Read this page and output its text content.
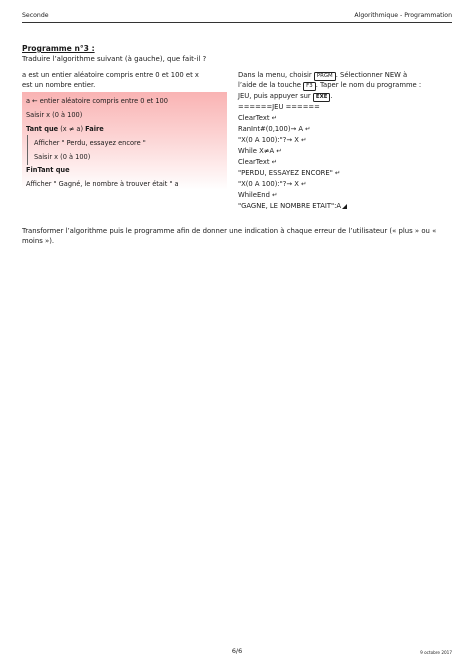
Seconde	Algorithmique - Programmation
Programme n°3 :
Traduire l’algorithme suivant (à gauche), que fait-il ?
a est un entier aléatoire compris entre 0 et 100 et x
est un nombre entier.
a ← entier aléatoire compris entre 0 et 100
Saisir x (0 à 100)
Tant que (x ≠ a) Faire
Afficher " Perdu, essayez encore "
Saisir x (0 à 100)
FinTant que
Afficher " Gagné, le nombre à trouver était " a
Dans la menu, choisir PRGM . Sélectionner NEW à
l’aide de la touche F3 . Taper le nom du programme :
JEU, puis appuyer sur EXE .
======JEU ======
ClearText ↵
RanInt#(0,100)→ A ↵
"X(0 A 100):"?→ X ↵
While X≠A ↵
ClearText ↵
"PERDU, ESSAYEZ ENCORE" ↵
"X(0 A 100):"?→ X ↵
WhileEnd ↵
"GAGNE, LE NOMBRE ETAIT":A
Transformer l’algorithme puis le programme afin de donner une indication à chaque erreur de l’utilisateur (« plus » ou « moins »).
6/6	9 octobre 2017
